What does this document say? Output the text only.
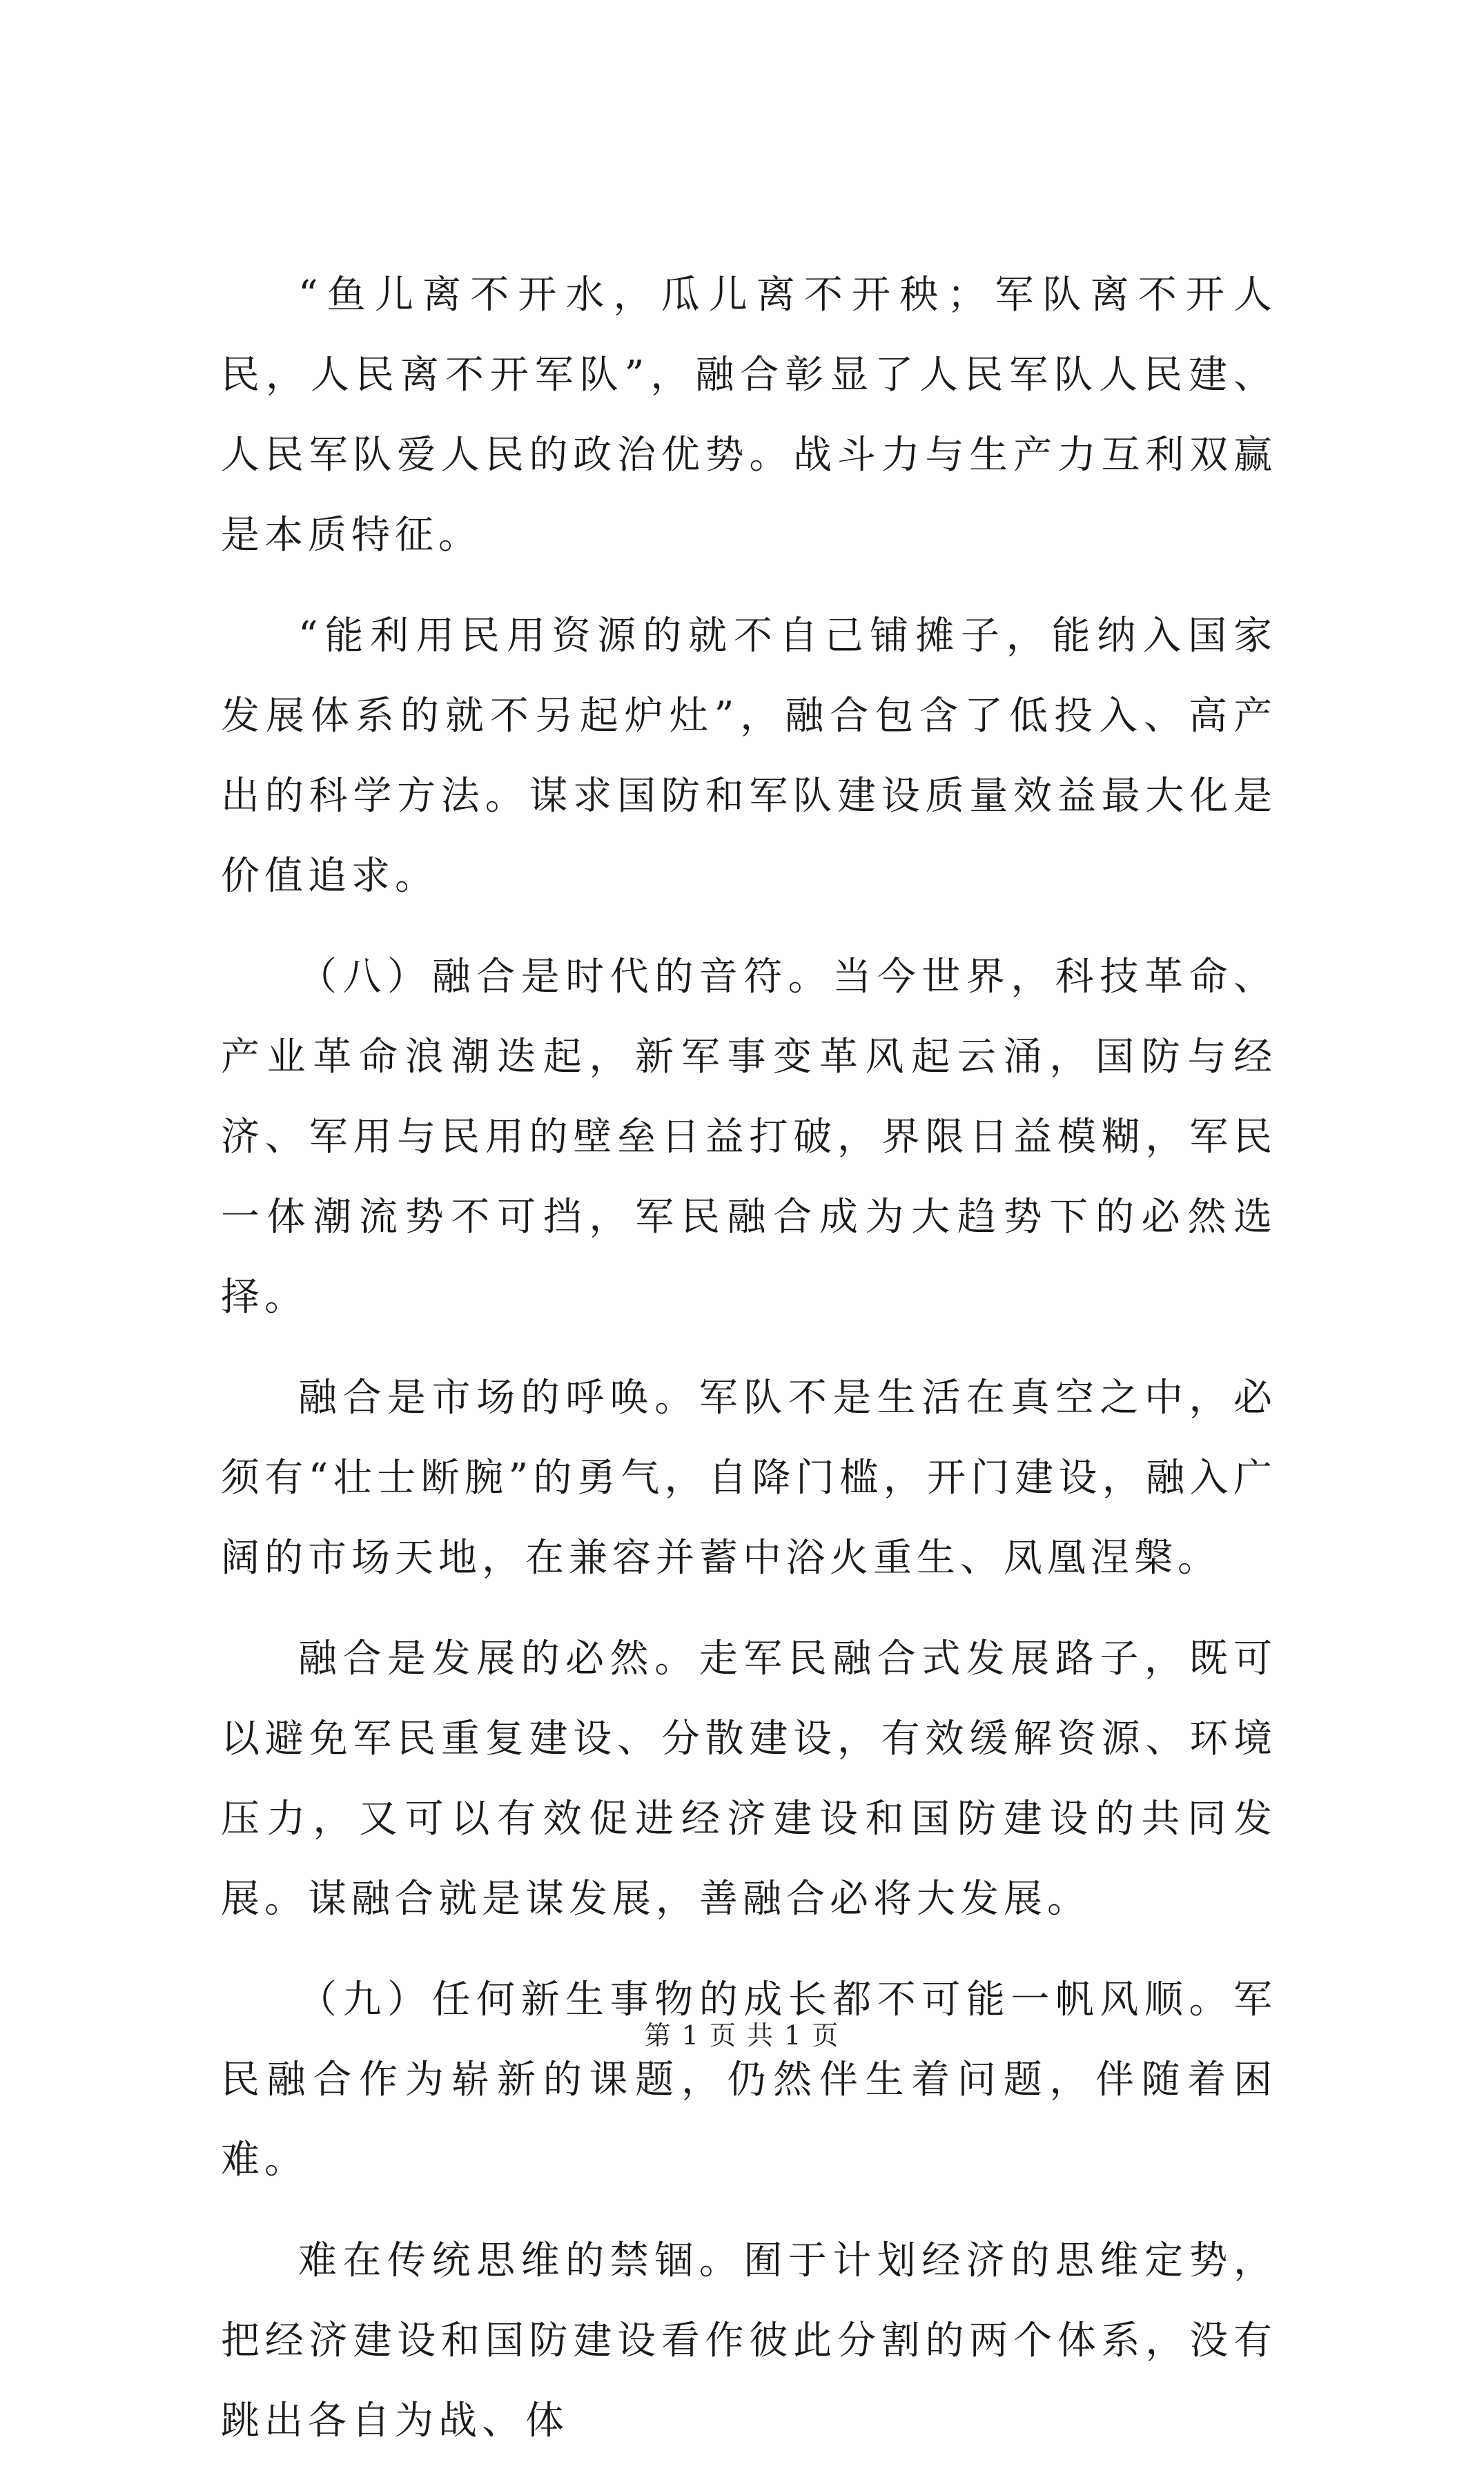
“鱼儿离不开水，瓜儿离不开秧；军队离不开人民，人民离不开军队”，融合彰显了人民军队人民建、人民军队爱人民的政治优势。战斗力与生产力互利双赢是本质特征。

“能利用民用资源的就不自己铺摊子，能纳入国家发展体系的就不另起炉灶”，融合包含了低投入、高产出的科学方法。谋求国防和军队建设质量效益最大化是价值追求。

（八）融合是时代的音符。当今世界，科技革命、产业革命浪潮迭起，新军事变革风起云涌，国防与经济、军用与民用的壁垒日益打破，界限日益模糊，军民一体潮流势不可挡，军民融合成为大趋势下的必然选择。

融合是市场的呼唤。军队不是生活在真空之中，必须有“壮士断腕”的勇气，自降门槛，开门建设，融入广阔的市场天地，在兼容并蓄中浴火重生、凤凰涅槃。

融合是发展的必然。走军民融合式发展路子，既可以避免军民重复建设、分散建设，有效缓解资源、环境压力，又可以有效促进经济建设和国防建设的共同发展。谋融合就是谋发展，善融合必将大发展。

（九）任何新生事物的成长都不可能一帆风顺。军民融合作为崭新的课题，仍然伴生着问题，伴随着困难。

难在传统思维的禁锢。囿于计划经济的思维定势，把经济建设和国防建设看作彼此分割的两个体系，没有跳出各自为战、体

第 1 页 共 1 页
